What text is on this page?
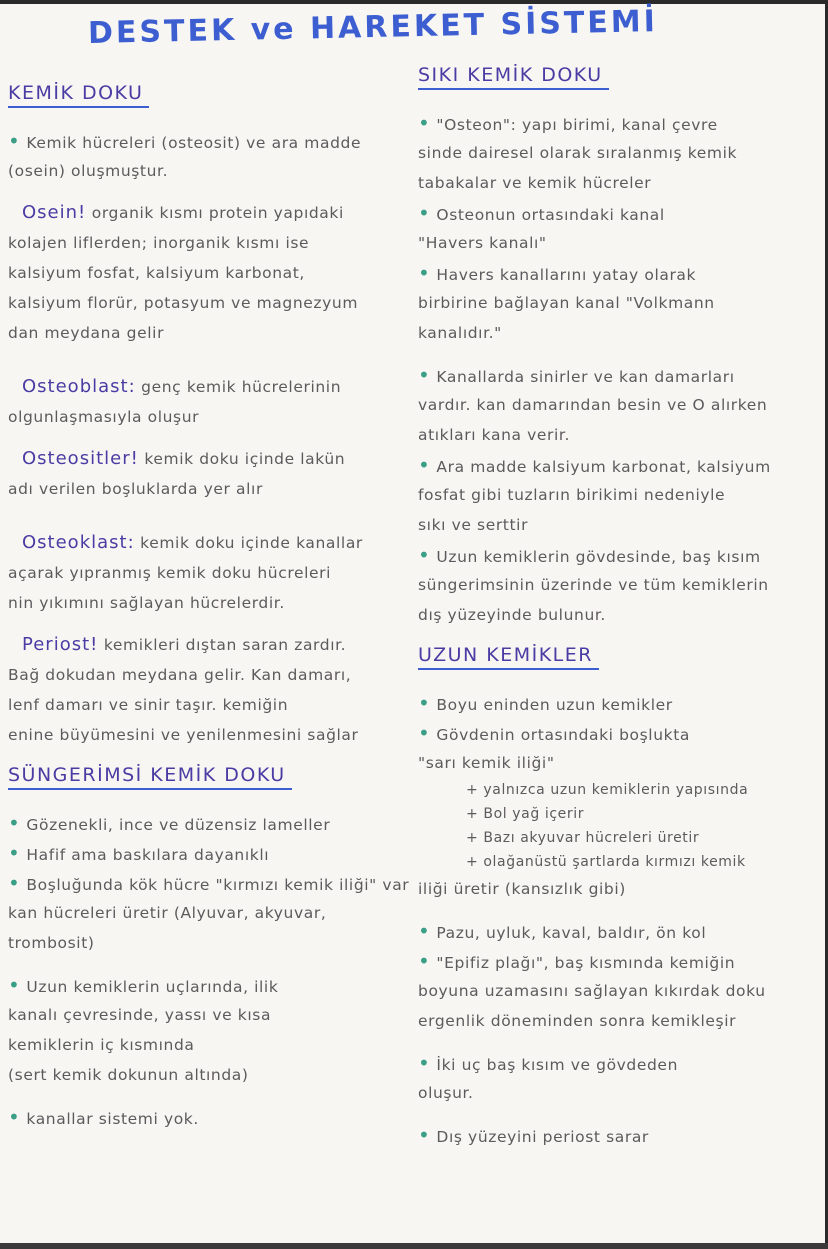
DESTEK ve HAREKET SİSTEMİ
KEMİK DOKU
• Kemik hücreleri (osteosit) ve ara madde
(osein) oluşmuştur.
Osein! organik kısmı protein yapıdaki
kolajen liflerden; inorganik kısmı ise
kalsiyum fosfat, kalsiyum karbonat,
kalsiyum florür, potasyum ve magnezyum
dan meydana gelir
Osteoblast: genç kemik hücrelerinin
olgunlaşmasıyla oluşur
Osteositler! kemik doku içinde lakün
adı verilen boşluklarda yer alır
Osteoklast: kemik doku içinde kanallar
açarak yıpranmış kemik doku hücreleri
nin yıkımını sağlayan hücrelerdir.
Periost! kemikleri dıştan saran zardır.
Bağ dokudan meydana gelir. Kan damarı,
lenf damarı ve sinir taşır. kemiğin
enine büyümesini ve yenilenmesini sağlar
SÜNGERİMSİ KEMİK DOKU
• Gözenekli, ince ve düzensiz lameller
• Hafif ama baskılara dayanıklı
• Boşluğunda kök hücre "kırmızı kemik iliği" var
kan hücreleri üretir (Alyuvar, akyuvar,
trombosit)
• Uzun kemiklerin uçlarında, ilik
kanalı çevresinde, yassı ve kısa
kemiklerin iç kısmında
(sert kemik dokunun altında)
• kanallar sistemi yok.
SIKI KEMİK DOKU
• "Osteon": yapı birimi, kanal çevre
sinde dairesel olarak sıralanmış kemik
tabakalar ve kemik hücreler
• Osteonun ortasındaki kanal
"Havers kanalı"
• Havers kanallarını yatay olarak
birbirine bağlayan kanal "Volkmann
kanalıdır."
• Kanallarda sinirler ve kan damarları
vardır. kan damarından besin ve O alırken
atıkları kana verir.
• Ara madde kalsiyum karbonat, kalsiyum
fosfat gibi tuzların birikimi nedeniyle
sıkı ve serttir
• Uzun kemiklerin gövdesinde, baş kısım
süngerimsinin üzerinde ve tüm kemiklerin
dış yüzeyinde bulunur.
UZUN KEMİKLER
• Boyu eninden uzun kemikler
• Gövdenin ortasındaki boşlukta
"sarı kemik iliği"
+ yalnızca uzun kemiklerin yapısında
+ Bol yağ içerir
+ Bazı akyuvar hücreleri üretir
+ olağanüstü şartlarda kırmızı kemik
iliği üretir (kansızlık gibi)
• Pazu, uyluk, kaval, baldır, ön kol
• "Epifiz plağı", baş kısmında kemiğin
boyuna uzamasını sağlayan kıkırdak doku
ergenlik döneminden sonra kemikleşir
• İki uç baş kısım ve gövdeden
oluşur.
• Dış yüzeyini periost sarar
